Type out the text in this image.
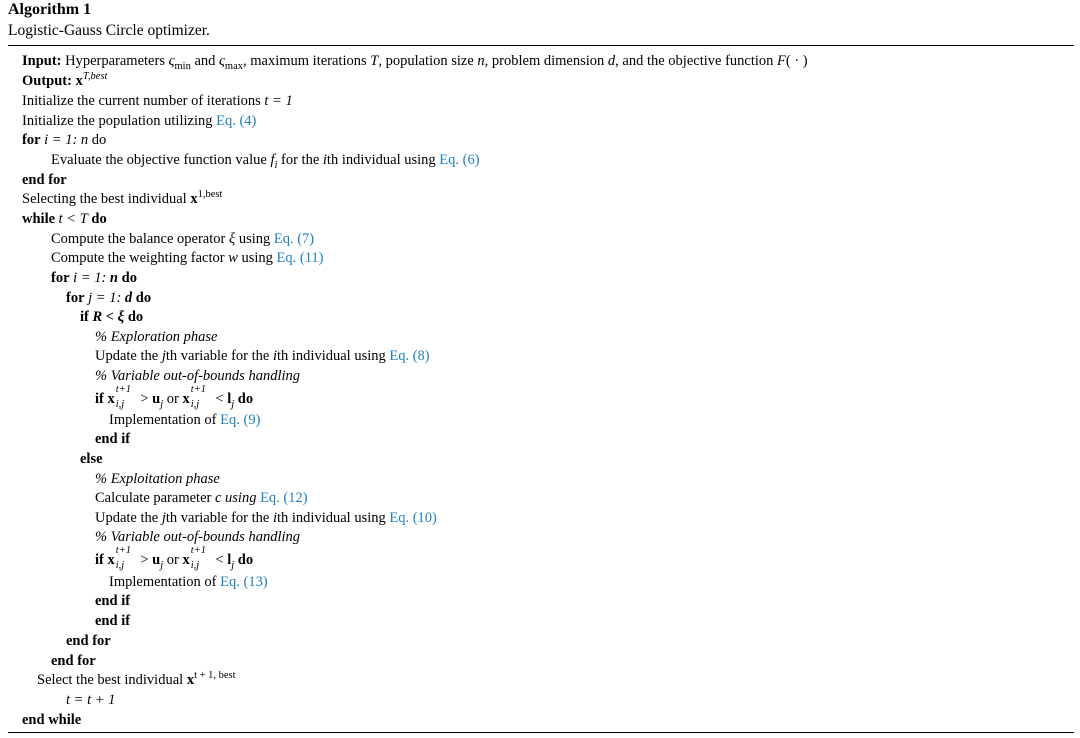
Algorithm 1
Logistic-Gauss Circle optimizer.
Input: Hyperparameters $\varsigma_{min}$ and $\varsigma_{max}$, maximum iterations T, population size n, problem dimension d, and the objective function F( · )
Output: $x^{T,best}$
Initialize the current number of iterations t = 1
Initialize the population utilizing Eq. (4)
for i = 1: n do
Evaluate the objective function value $f_i$ for the ith individual using Eq. (6)
end for
Selecting the best individual $x^{1,best}$
while t < T do
Compute the balance operator ξ using Eq. (7)
Compute the weighting factor w using Eq. (11)
for i = 1: n do
for j = 1: d do
if R < ξ do
% Exploration phase
Update the jth variable for the ith individual using Eq. (8)
% Variable out-of-bounds handling
if x
t+1
$i,j > u_j$ or x
t+1
$i,j < l_j$ do
Implementation of Eq. (9)
end if
else
% Exploitation phase
Calculate parameter c using Eq. (12)
Update the jth variable for the ith individual using Eq. (10)
% Variable out-of-bounds handling
if x
t+1
$i,j > u_j$ or x
t+1
$i,j < l_j$ do
Implementation of Eq. (13)
end if
end if
end for
end for
Select the best individual $x^{t + 1, best}$
t = t + 1
end while
